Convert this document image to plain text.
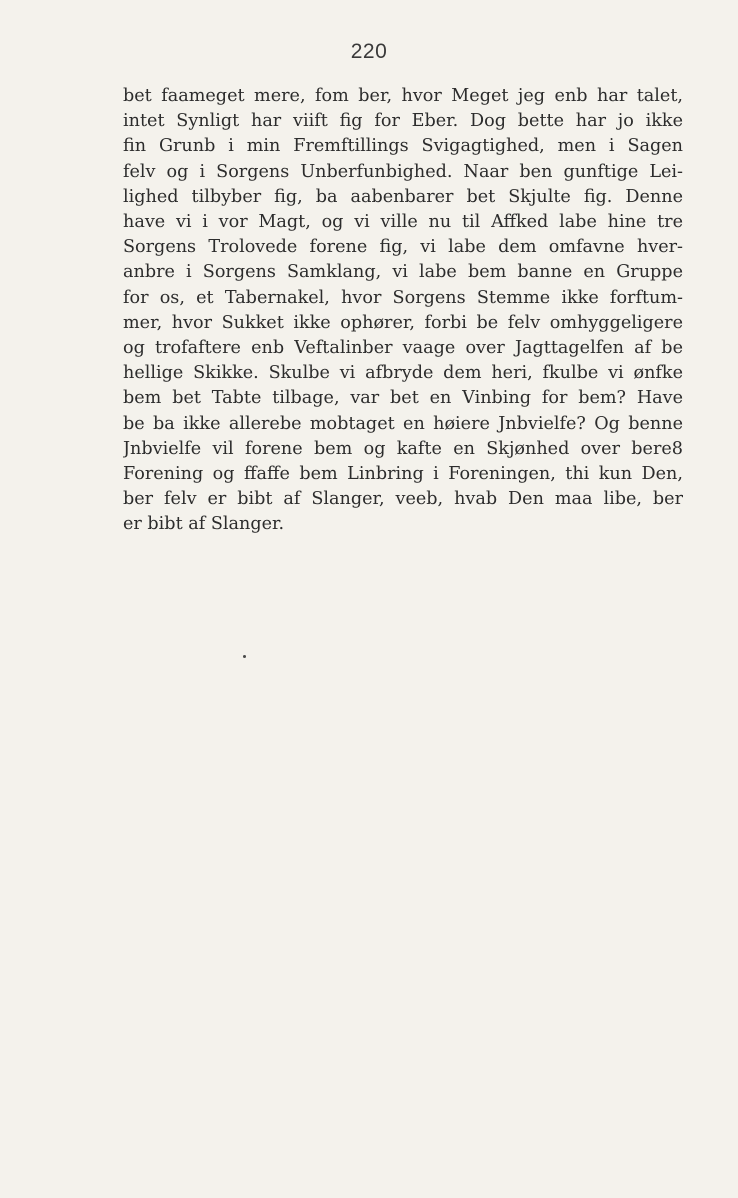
220
bet faameget mere, fom ber, hvor Meget jeg enb har talet,
intet Synligt har viift fig for Eber. Dog bette har jo ikke
fin Grunb i min Fremftillings Svigagtighed, men i Sagen
felv og i Sorgens Unberfunbighed. Naar ben gunftige Lei-
lighed tilbyber fig, ba aabenbarer bet Skjulte fig. Denne
have vi i vor Magt, og vi ville nu til Affked labe hine tre
Sorgens Trolovede forene fig, vi labe dem omfavne hver-
anbre i Sorgens Samklang, vi labe bem banne en Gruppe
for os, et Tabernakel, hvor Sorgens Stemme ikke forftum-
mer, hvor Sukket ikke ophører, forbi be felv omhyggeligere
og trofaftere enb Veftalinber vaage over Jagttagelfen af be
hellige Skikke. Skulbe vi afbryde dem heri, fkulbe vi ønfke
bem bet Tabte tilbage, var bet en Vinbing for bem? Have
be ba ikke allerebe mobtaget en høiere Jnbvielfe? Og benne
Jnbvielfe vil forene bem og kafte en Skjønhed over bere8
Forening og ffaffe bem Linbring i Foreningen, thi kun Den,
ber felv er bibt af Slanger, veeb, hvab Den maa libe, ber
er bibt af Slanger.
